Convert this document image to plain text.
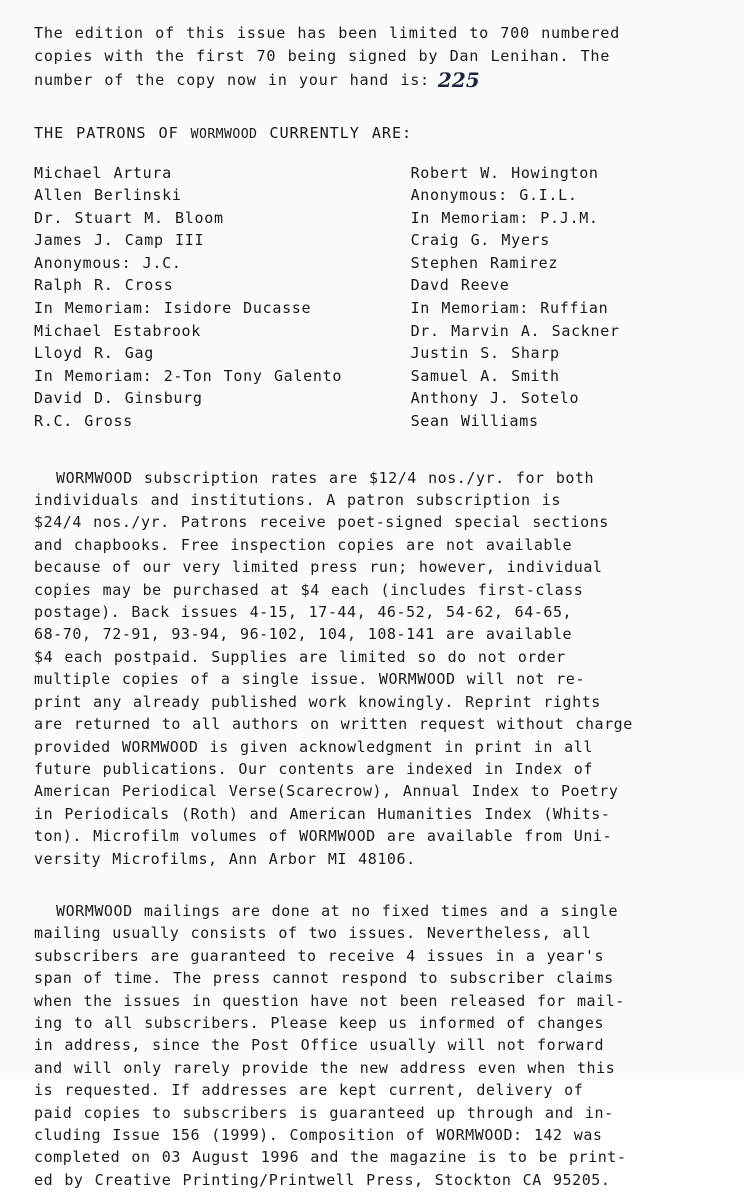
The edition of this issue has been limited to 700 numbered
copies with the first 70 being signed by Dan Lenihan. The
number of the copy now in your hand is: 225
THE PATRONS OF WORMWOOD CURRENTLY ARE:
Michael Artura
Allen Berlinski
Dr. Stuart M. Bloom
James J. Camp III
Anonymous: J.C.
Ralph R. Cross
In Memoriam: Isidore Ducasse
Michael Estabrook
Lloyd R. Gag
In Memoriam: 2-Ton Tony Galento
David D. Ginsburg
R.C. Gross
Robert W. Howington
Anonymous: G.I.L.
In Memoriam: P.J.M.
Craig G. Myers
Stephen Ramirez
Davd Reeve
In Memoriam: Ruffian
Dr. Marvin A. Sackner
Justin S. Sharp
Samuel A. Smith
Anthony J. Sotelo
Sean Williams
WORMWOOD subscription rates are $12/4 nos./yr. for both
individuals and institutions. A patron subscription is
$24/4 nos./yr. Patrons receive poet-signed special sections
and chapbooks. Free inspection copies are not available
because of our very limited press run; however, individual
copies may be purchased at $4 each (includes first-class
postage). Back issues 4-15, 17-44, 46-52, 54-62, 64-65,
68-70, 72-91, 93-94, 96-102, 104, 108-141 are available
$4 each postpaid. Supplies are limited so do not order
multiple copies of a single issue. WORMWOOD will not re-
print any already published work knowingly. Reprint rights
are returned to all authors on written request without charge
provided WORMWOOD is given acknowledgment in print in all
future publications. Our contents are indexed in Index of
American Periodical Verse(Scarecrow), Annual Index to Poetry
in Periodicals (Roth) and American Humanities Index (Whits-
ton). Microfilm volumes of WORMWOOD are available from Uni-
versity Microfilms, Ann Arbor MI 48106.
WORMWOOD mailings are done at no fixed times and a single
mailing usually consists of two issues. Nevertheless, all
subscribers are guaranteed to receive 4 issues in a year's
span of time. The press cannot respond to subscriber claims
when the issues in question have not been released for mail-
ing to all subscribers. Please keep us informed of changes
in address, since the Post Office usually will not forward
and will only rarely provide the new address even when this
is requested. If addresses are kept current, delivery of
paid copies to subscribers is guaranteed up through and in-
cluding Issue 156 (1999). Composition of WORMWOOD: 142 was
completed on 03 August 1996 and the magazine is to be print-
ed by Creative Printing/Printwell Press, Stockton CA 95205.
